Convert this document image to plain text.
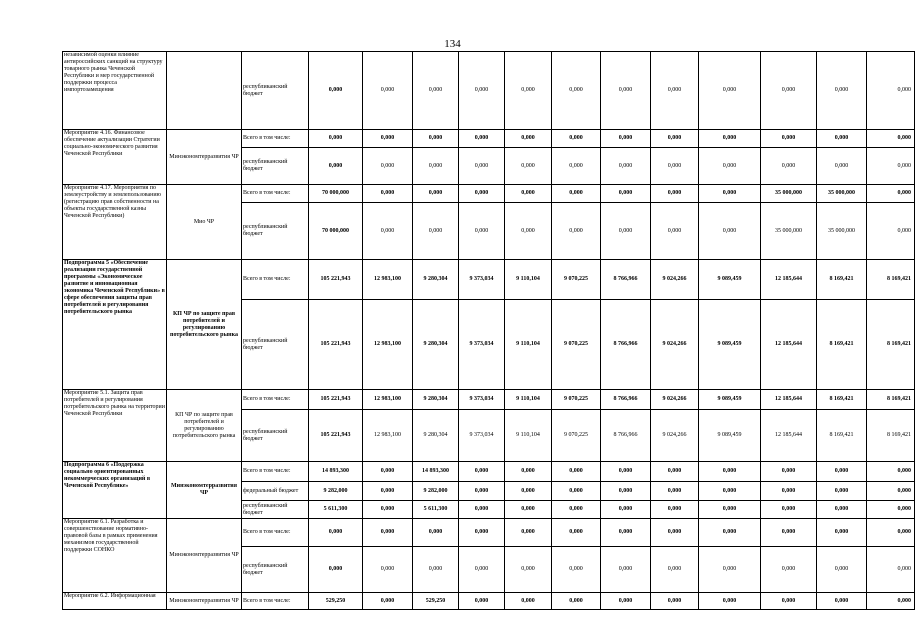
134
независимой оценки влияние антироссийских санкций на структуру товарного рынка Чеченской Республики и мер государственной поддержки процесса импортозамещения		республиканский бюджет	0,000	0,000	0,000	0,000	0,000	0,000	0,000	0,000	0,000	0,000	0,000	0,000
Мероприятие 4.16. Финансовое обеспечение актуализации Стратегии социально-экономического развития Чеченской Республики	Минэкономтерразвития ЧР	Всего в том числе:	0,000	0,000	0,000	0,000	0,000	0,000	0,000	0,000	0,000	0,000	0,000	0,000
		республиканский бюджет	0,000	0,000	0,000	0,000	0,000	0,000	0,000	0,000	0,000	0,000	0,000	0,000
Мероприятие 4.17. Мероприятия по землеустройству и землепользованию (регистрацию прав собственности на объекты государственной казны Чеченской Республики)	Мио ЧР	Всего в том числе:	70 000,000	0,000	0,000	0,000	0,000	0,000	0,000	0,000	0,000	35 000,000	35 000,000	0,000
		республиканский бюджет	70 000,000	0,000	0,000	0,000	0,000	0,000	0,000	0,000	0,000	35 000,000	35 000,000	0,000
Подпрограмма 5 «Обеспечение реализации государственной программы «Экономическое развитие и инновационная экономика Чеченской Республики» в сфере обеспечения защиты прав потребителей и регулирования потребительского рынка	КП ЧР по защите прав потребителей и регулированию потребительского рынка	Всего в том числе:	105 221,943	12 983,100	9 280,304	9 373,034	9 110,104	9 070,225	8 766,966	9 024,266	9 089,459	12 185,644	8 169,421	8 169,421
		республиканский бюджет	105 221,943	12 983,100	9 280,304	9 373,034	9 110,104	9 070,225	8 766,966	9 024,266	9 089,459	12 185,644	8 169,421	8 169,421
Мероприятие 5.1. Защита прав потребителей и регулирования потребительского рынка на территории Чеченской Республики	КП ЧР по защите прав потребителей и регулированию потребительского рынка	Всего в том числе:	105 221,943	12 983,100	9 280,304	9 373,034	9 110,104	9 070,225	8 766,966	9 024,266	9 089,459	12 185,644	8 169,421	8 169,421
		республиканский бюджет	105 221,943	12 983,100	9 280,304	9 373,034	9 110,104	9 070,225	8 766,966	9 024,266	9 089,459	12 185,644	8 169,421	8 169,421
Подпрограмма 6 «Поддержка социально ориентированных некоммерческих организаций в Чеченской Республике»	Минэкономтерразвития ЧР	Всего в том числе:	14 893,300	0,000	14 893,300	0,000	0,000	0,000	0,000	0,000	0,000	0,000	0,000	0,000
		федеральный бюджет	9 282,000	0,000	9 282,000	0,000	0,000	0,000	0,000	0,000	0,000	0,000	0,000	0,000
		республиканский бюджет	5 611,300	0,000	5 611,300	0,000	0,000	0,000	0,000	0,000	0,000	0,000	0,000	0,000
Мероприятие 6.1. Разработка и совершенствование нормативно-правовой базы в рамках применения механизмов государственной поддержки СОНКО	Минэкономтерразвития ЧР	Всего в том числе:	0,000	0,000	0,000	0,000	0,000	0,000	0,000	0,000	0,000	0,000	0,000	0,000
		республиканский бюджет	0,000	0,000	0,000	0,000	0,000	0,000	0,000	0,000	0,000	0,000	0,000	0,000
Мероприятие 6.2. Информационная	Минэкономтерразвития ЧР	Всего в том числе:	529,250	0,000	529,250	0,000	0,000	0,000	0,000	0,000	0,000	0,000	0,000	0,000
